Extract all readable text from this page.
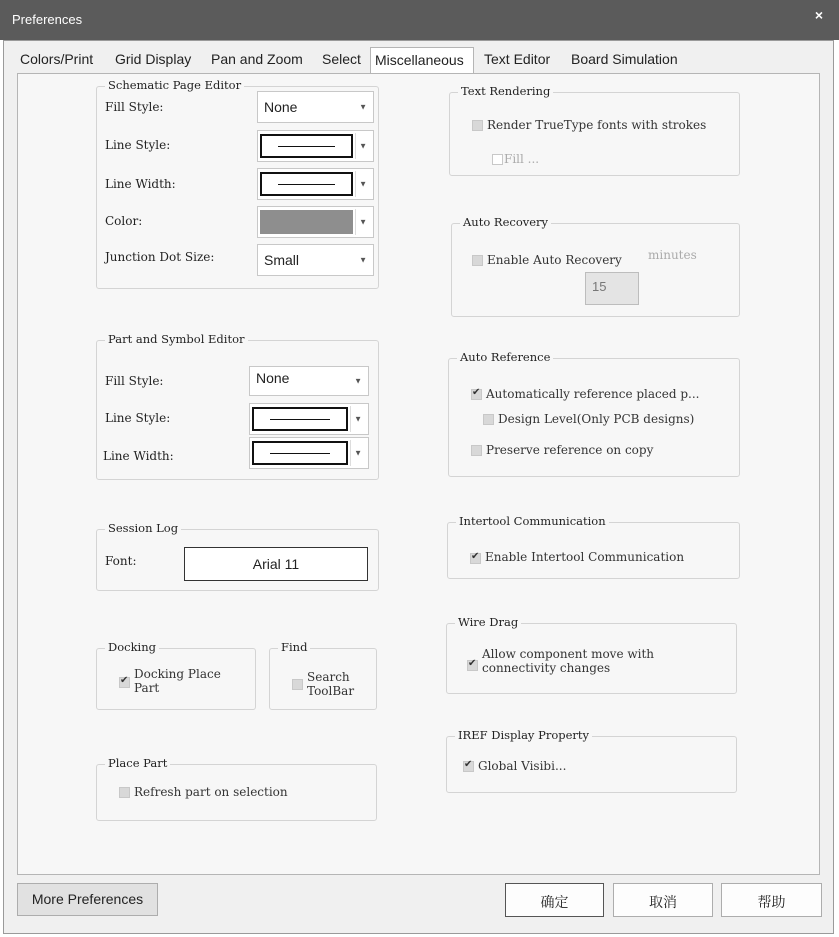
Preferences	×
Colors/Print Grid Display Pan and Zoom Select	Miscellaneous	Text Editor Board Simulation
Schematic Page Editor
Fill Style:	None	▼
Line Style:	▼
Line Width:	▼
Color:	▼
Junction Dot Size:	Small	▼
Part and Symbol Editor
Fill Style:	None	▼
Line Style:	▼
Line Width:	▼
Session Log
Font:	Arial 11
Docking
✔
Docking Place
Part
Find
Search
ToolBar
Place Part
Refresh part on selection
Text Rendering
Render TrueType fonts with strokes
Fill ...
Auto Recovery
Enable Auto Recovery minutes
15
Auto Reference
✔
Automatically reference placed p...
Design Level(Only PCB designs)
Preserve reference on copy
Intertool Communication
✔
Enable Intertool Communication
Wire Drag
✔
Allow component move with
connectivity changes
IREF Display Property
✔
Global Visibi...
More Preferences	确定	取消	帮助
